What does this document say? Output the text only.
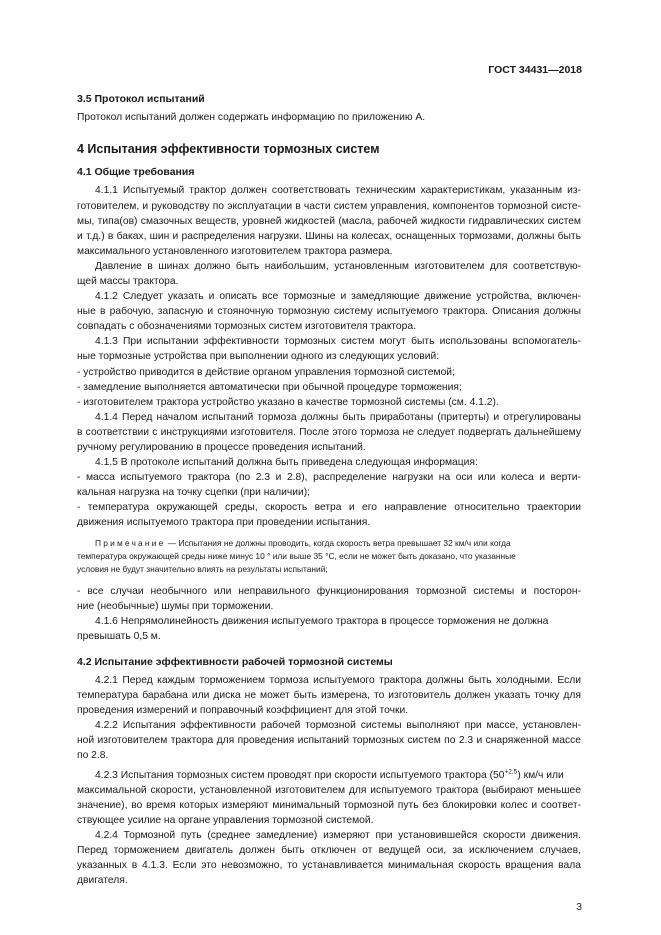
ГОСТ 34431—2018
3.5 Протокол испытаний
Протокол испытаний должен содержать информацию по приложению А.
4 Испытания эффективности тормозных систем
4.1 Общие требования
4.1.1 Испытуемый трактор должен соответствовать техническим характеристикам, указанным из-
готовителем, и руководству по эксплуатации в части систем управления, компонентов тормозной систе-
мы, типа(ов) смазочных веществ, уровней жидкостей (масла, рабочей жидкости гидравлических систем
и т.д.) в баках, шин и распределения нагрузки. Шины на колесах, оснащенных тормозами, должны быть
максимального установленного изготовителем трактора размера.
Давление в шинах должно быть наибольшим, установленным изготовителем для соответствую-
щей массы трактора.
4.1.2 Следует указать и описать все тормозные и замедляющие движение устройства, включен-
ные в рабочую, запасную и стояночную тормозную систему испытуемого трактора. Описания должны
совпадать с обозначениями тормозных систем изготовителя трактора.
4.1.3 При испытании эффективности тормозных систем могут быть использованы вспомогатель-
ные тормозные устройства при выполнении одного из следующих условий:
- устройство приводится в действие органом управления тормозной системой;
- замедление выполняется автоматически при обычной процедуре торможения;
- изготовителем трактора устройство указано в качестве тормозной системы (см. 4.1.2).
4.1.4 Перед началом испытаний тормоза должны быть приработаны (притерты) и отрегулированы
в соответствии с инструкциями изготовителя. После этого тормоза не следует подвергать дальнейшему
ручному регулированию в процессе проведения испытаний.
4.1.5 В протоколе испытаний должна быть приведена следующая информация:
- масса испытуемого трактора (по 2.3 и 2.8), распределение нагрузки на оси или колеса и верти-
кальная нагрузка на точку сцепки (при наличии);
- температура окружающей среды, скорость ветра и его направление относительно траектории
движения испытуемого трактора при проведении испытания.
Примечание — Испытания не должны проводить, когда скорость ветра превышает 32 км/ч или когда
температура окружающей среды ниже минус 10 ° или выше 35 °С, если не может быть доказано, что указанные
условия не будут значительно влиять на результаты испытаний;
- все случаи необычного или неправильного функционирования тормозной системы и посторон-
ние (необычные) шумы при торможении.
4.1.6 Непрямолинейность движения испытуемого трактора в процессе торможения не должна
превышать 0,5 м.
4.2 Испытание эффективности рабочей тормозной системы
4.2.1 Перед каждым торможением тормоза испытуемого трактора должны быть холодными. Если
температура барабана или диска не может быть измерена, то изготовитель должен указать точку для
проведения измерений и поправочный коэффициент для этой точки.
4.2.2 Испытания эффективности рабочей тормозной системы выполняют при массе, установлен-
ной изготовителем трактора для проведения испытаний тормозных систем по 2.3 и снаряженной массе
по 2.8.
4.2.3 Испытания тормозных систем проводят при скорости испытуемого трактора $(50^{+2,5})$ км/ч или
максимальной скорости, установленной изготовителем для испытуемого трактора (выбирают меньшее
значение), во время которых измеряют минимальный тормозной путь без блокировки колес и соответ-
ствующее усилие на органе управления тормозной системой.
4.2.4 Тормозной путь (среднее замедление) измеряют при установившейся скорости движения.
Перед торможением двигатель должен быть отключен от ведущей оси, за исключением случаев,
указанных в 4.1.3. Если это невозможно, то устанавливается минимальная скорость вращения вала
двигателя.
3
